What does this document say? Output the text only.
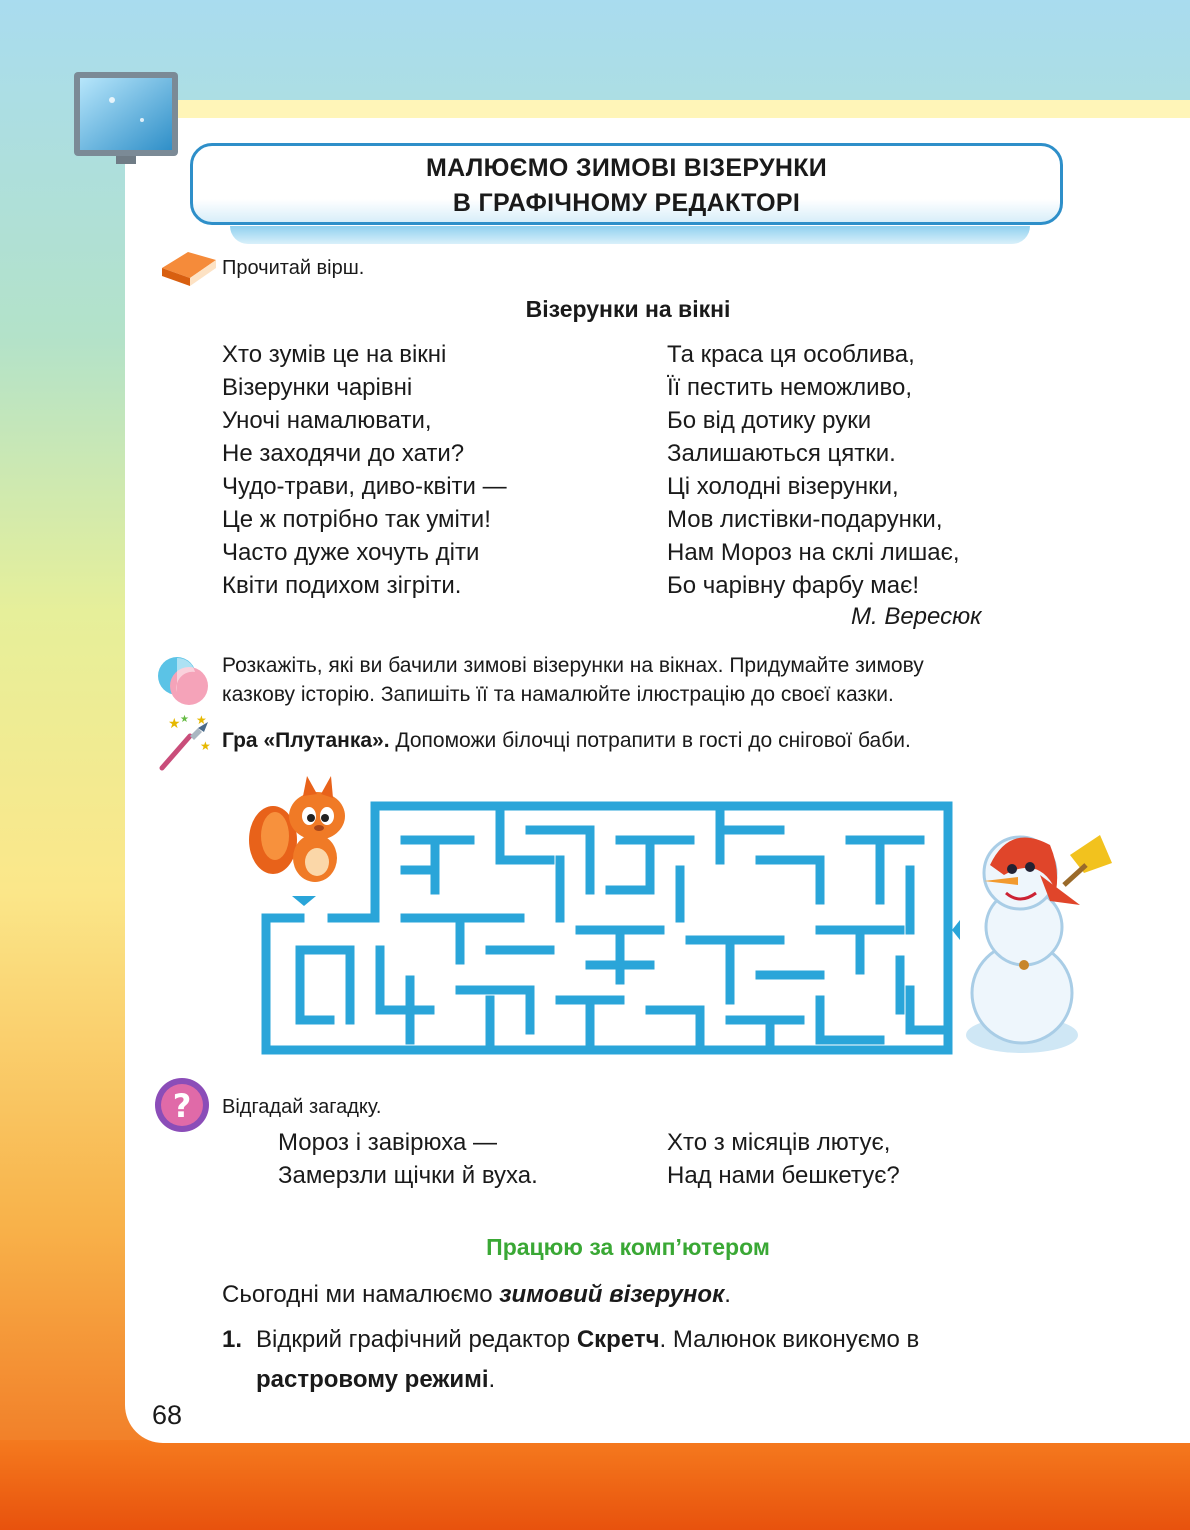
МАЛЮЄМО ЗИМОВІ ВІЗЕРУНКИ
В ГРАФІЧНОМУ РЕДАКТОРІ
Прочитай вірш.
Візерунки на вікні
Хто зумів це на вікні
Візерунки чарівні
Уночі намалювати,
Не заходячи до хати?
Чудо-трави, диво-квіти —
Це ж потрібно так уміти!
Часто дуже хочуть діти
Квіти подихом зігріти.
Та краса ця особлива,
Її пестить неможливо,
Бо від дотику руки
Залишаються цятки.
Ці холодні візерунки,
Мов листівки-подарунки,
Нам Мороз на склі лишає,
Бо чарівну фарбу має!
М. Вересюк
Розкажіть, які ви бачили зимові візерунки на вікнах. Придумайте зимову
казкову історію. Запишіть її та намалюйте ілюстрацію до своєї казки.
★ ★
★
★
Гра «Плутанка». Допоможи білочці потрапити в гості до снігової баби.
? Відгадай загадку.
Мороз і завірюха —
Замерзли щічки й вуха.
Хто з місяців лютує,
Над нами бешкетує?
Працюю за комп’ютером
Сьогодні ми намалюємо зимовий візерунок.
1. Відкрий графічний редактор Скретч. Малюнок виконуємо в
растровому режимі.
68
